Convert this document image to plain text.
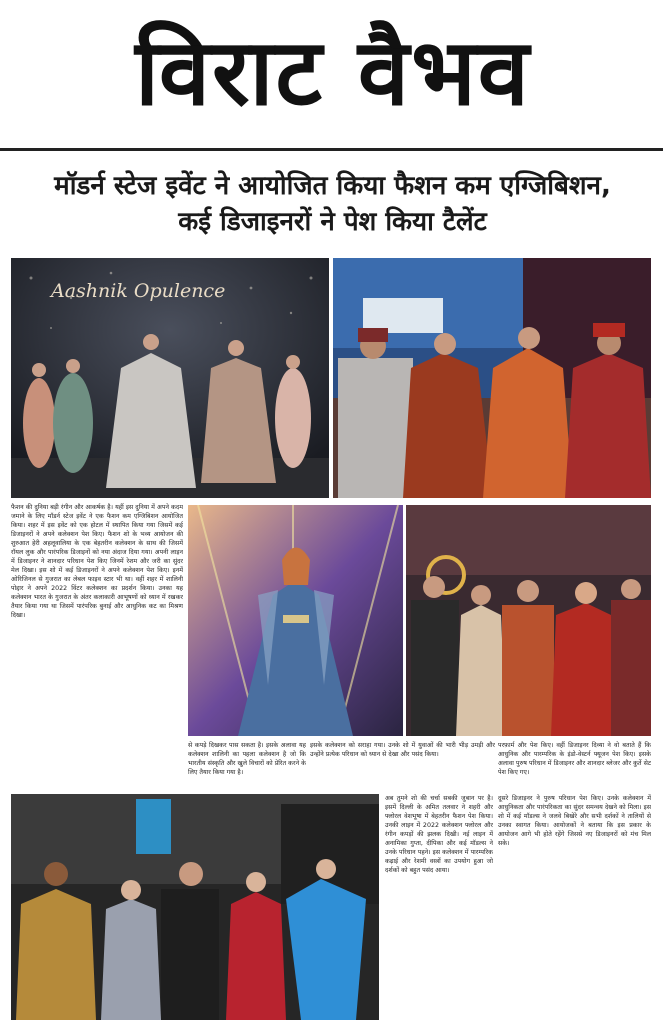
विराट वैभव
मॉडर्न स्टेज इवेंट ने आयोजित किया फैशन कम एग्जिबिशन,
कई डिजाइनरों ने पेश किया टैलेंट
Aashnik Opulence

फैशन की दुनिया बड़ी रंगीन और आकर्षक है। यहीं इस दुनिया में अपने कदम जमाने के लिए मॉडर्न स्टेज इवेंट ने एक फैशन कम एग्जिबिशन आयोजित किया। शहर में इस इवेंट को एक होटल में स्थापित किया गया जिसमें कई डिजाइनरों ने अपने कलेक्शन पेश किए। फैशन शो के भव्य आयोजन की शुरुआत हेरी अहलूवालिया के एक बेहतरीन कलेक्शन के साथ की जिसमें रॉयल लुक और पारंपरिक डिजाइनों को नया अंदाज दिया गया। अपनी लाइन में डिजाइनर ने शानदार परिधान पेश किए जिनमें रेशम और जरी का सुंदर मेल दिखा। इस शो में कई डिजाइनरों ने अपने कलेक्शन पेश किए। इनमें ओरिजिनल से गुजरात का लेबल फाइव स्टार भी था। वहीं शहर में शालिनी पोद्दार ने अपने 2022 विंटर कलेक्शन का प्रदर्शन किया। उनका यह कलेक्शन भारत के गुजरात के अंतर कलाकारी आभूषणों को ध्यान में रखकर तैयार किया गया था जिसमें पारंपरिक बुनाई और आधुनिक कट का मिश्रण दिखा।

से कपड़े दिखकर पास सकता है। इसके अलावा यह कलेक्शन शालिनी का पहला कलेक्शन है जो कि भारतीय संस्कृति और खुले विचारों को प्रेरित करने के लिए तैयार किया गया है।

इसके कलेक्शन को सराहा गया। उनके शो में युवाओं की भारी भीड़ उमड़ी और उन्होंने प्रत्येक परिधान को ध्यान से देखा और पसंद किया।

परफ़ार्म और पेश किए। वहीं डिजाइनर दिव्या ने वो बताते हैं कि आधुनिक और पारम्परिक के इंडो-वेस्टर्न फ्यूजन पेश किए। इसके अलावा पुरुष परिधान में डिजाइनर और शानदार ब्लेजर और कुर्ते सेट पेश किए गए।

अब तुमने शो की चर्चा सबकी जुबान पर है। इसमें दिल्ली के अमित तलवार ने शहरी और फ्लोरल वेशभूषा में बेहतरीन फैशन पेश किया। उनकी लाइन में 2022 कलेक्शन फ्लोरल और रंगीन कपड़ों की झलक दिखी। नई लाइन में अनामिका गुप्ता, दीपिका और कई मॉडल्स ने उनके परिधान पहने। इस कलेक्शन में पारम्परिक कढ़ाई और रेशमी वस्त्रों का उपयोग हुआ जो दर्शकों को बहुत पसंद आया।

दूसरे डिजाइनर ने पुरुष परिधान पेश किए। उनके कलेक्शन में आधुनिकता और पारंपरिकता का सुंदर समन्वय देखने को मिला। इस शो में कई मॉडल्स ने जलवे बिखेरे और सभी दर्शकों ने तालियों से उनका स्वागत किया। आयोजकों ने बताया कि इस प्रकार के आयोजन आगे भी होते रहेंगे जिससे नए डिजाइनरों को मंच मिल सके।
